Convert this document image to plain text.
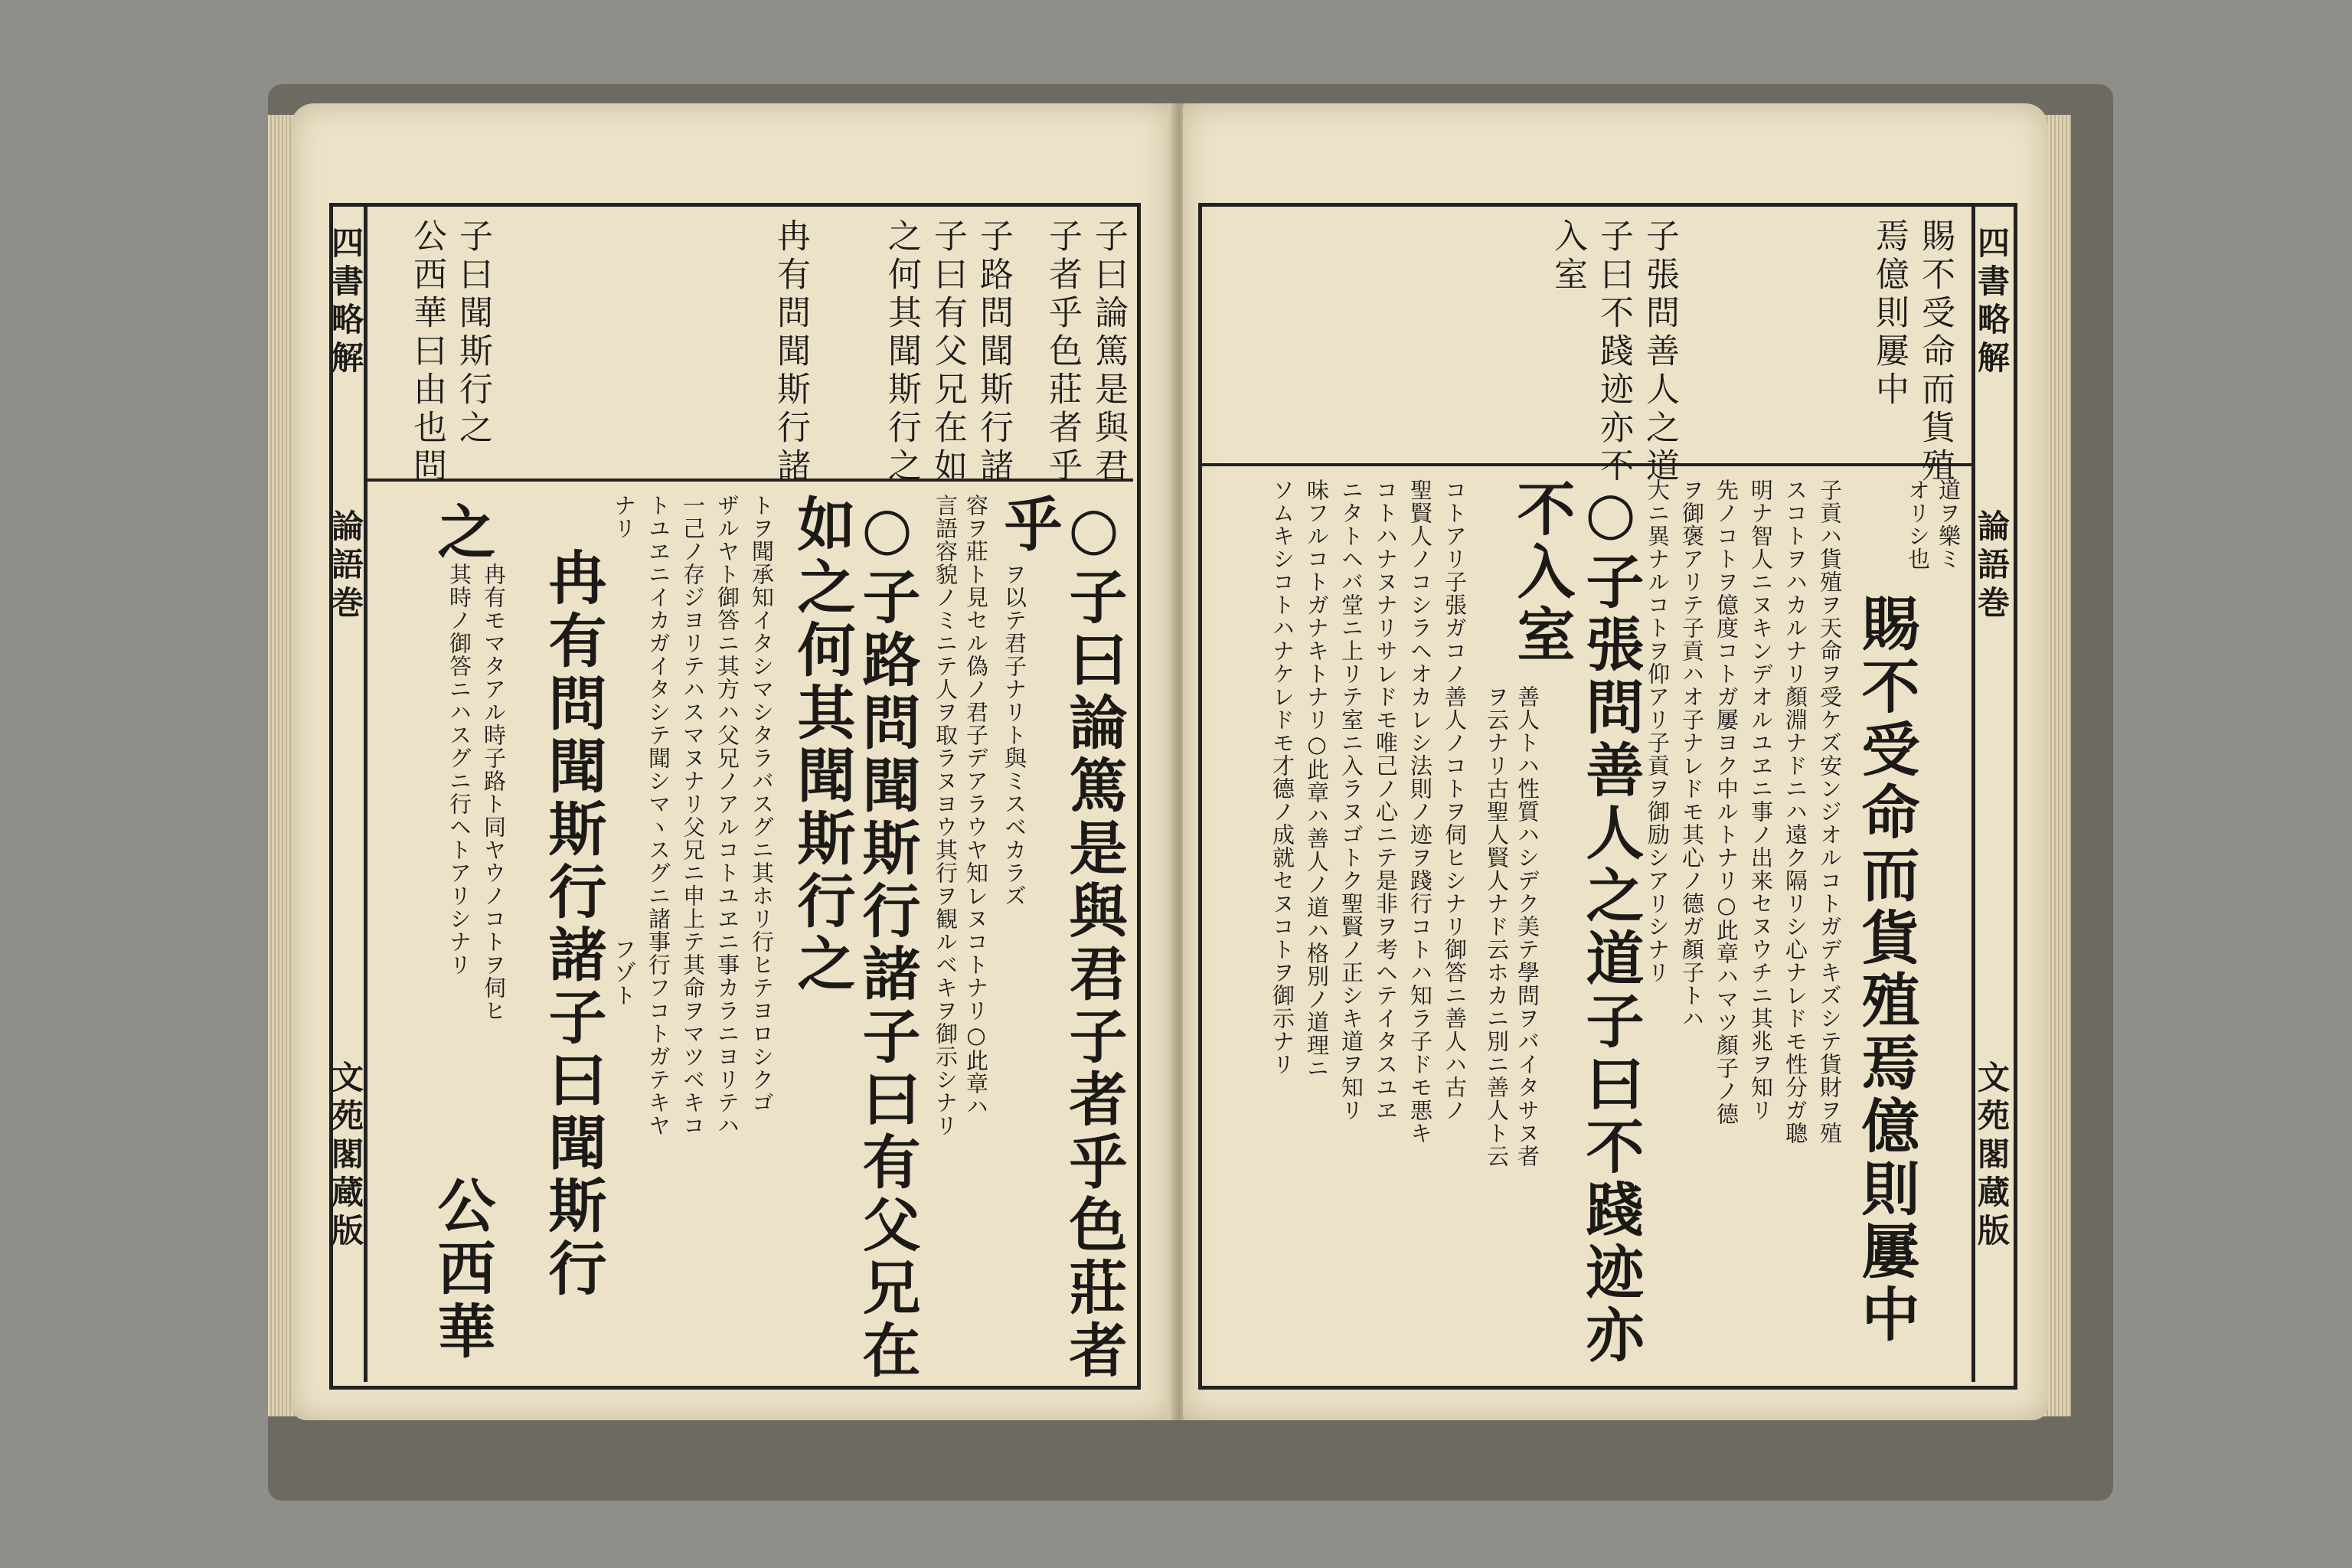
四書略解
論語巻
文苑閣蔵版
子曰論篤是與君
子者乎色莊者乎
子路問聞斯行諸
子曰有父兄在如
之何其聞斯行之
冉有問聞斯行諸
子曰聞斯行之
公西華曰由也問
○子曰論篤是與君子者乎色莊者
乎
ヲ以テ君子ナリト與ミスベカラズ
容ヲ莊ト見セル偽ノ君子デアラウヤ知レヌコトナリ○此章ハ
言語容貌ノミニテ人ヲ取ラヌヨウ其行ヲ観ルベキヲ御示シナリ
○子路問聞斯行諸子曰有父兄在
如之何其聞斯行之
トヲ聞承知イタシマシタラバスグニ其ホリ行ヒテヨロシクゴ
ザルヤト御答ニ其方ハ父兄ノアルコトユヱニ事カラニヨリテハ
一己ノ存ジヨリテハスマヌナリ父兄ニ申上テ其命ヲマツベキコ
トユヱニイカガイタシテ聞シマヽスグニ諸事行フコトガテキヤ
ナリ
冉有問聞斯行諸子曰聞斯行
之
フゾト
冉有モマタアル時子路ト同ヤウノコトヲ伺ヒ
其時ノ御答ニハスグニ行ヘトアリシナリ
公西華
四書略解
論語巻
文苑閣蔵版
賜不受命而貨殖
焉億則屢中
子張問善人之道
子曰不踐迹亦不
入室
道ヲ樂ミ
オリシ也
賜不受命而貨殖焉億則屢中
子貢ハ貨殖ヲ天命ヲ受ケズ安ンジオルコトガデキズシテ貨財ヲ殖
スコトヲハカルナリ顏淵ナドニハ遠ク隔リシ心ナレドモ性分ガ聰
明ナ智人ニヌキンデオルユヱニ事ノ出来セヌウチニ其兆ヲ知リ
先ノコトヲ億度コトガ屢ヨク中ルトナリ○此章ハマツ顏子ノ德
ヲ御褒アリテ子貢ハオ子ナレドモ其心ノ德ガ顏子トハ
大ニ異ナルコトヲ仰アリ子貢ヲ御励シアリシナリ
○子張問善人之道子曰不踐迹亦
不入室
善人トハ性質ハシデク美テ學問ヲバイタサヌ者
ヲ云ナリ古聖人賢人ナド云ホカニ別ニ善人ト云
コトアリ子張ガコノ善人ノコトヲ伺ヒシナリ御答ニ善人ハ古ノ
聖賢人ノコシラヘオカレシ法則ノ迹ヲ踐行コトハ知ラ子ドモ悪キ
コトハナヌナリサレドモ唯己ノ心ニテ是非ヲ考ヘテイタスユヱ
ニタトヘバ堂ニ上リテ室ニ入ラヌゴトク聖賢ノ正シキ道ヲ知リ
味フルコトガナキトナリ○此章ハ善人ノ道ハ格別ノ道理ニ
ソムキシコトハナケレドモ才德ノ成就セヌコトヲ御示ナリ
